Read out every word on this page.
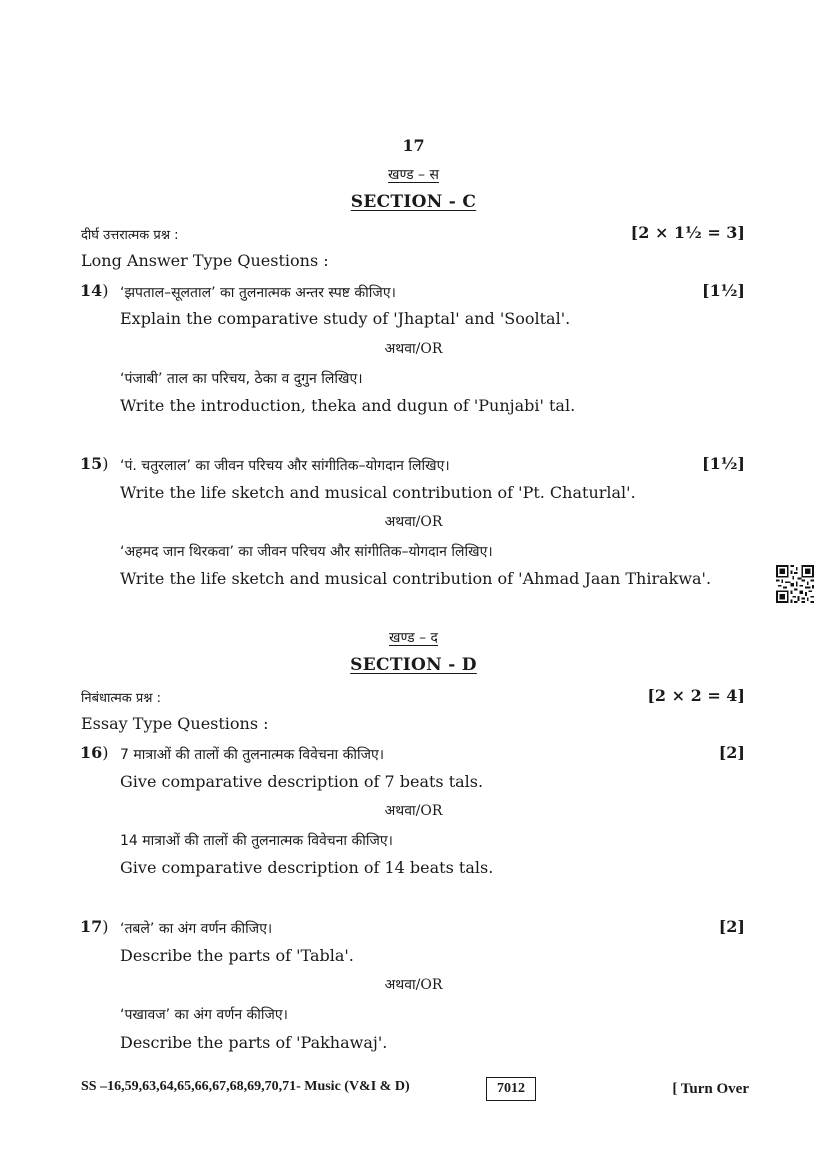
17
खण्ड – स
SECTION - C
दीर्घ उत्तरात्मक प्रश्न :	[2 × 1½ = 3]
Long Answer Type Questions :
14) ‘झपताल–सूलताल’ का तुलनात्मक अन्तर स्पष्ट कीजिए।	[1½]
Explain the comparative study of 'Jhaptal' and 'Sooltal'.
अथवा/OR
‘पंजाबी’ ताल का परिचय, ठेका व दुगुन लिखिए।
Write the introduction, theka and dugun of 'Punjabi' tal.
15) ‘पं. चतुरलाल’ का जीवन परिचय और सांगीतिक–योगदान लिखिए।	[1½]
Write the life sketch and musical contribution of 'Pt. Chaturlal'.
अथवा/OR
‘अहमद जान थिरकवा’ का जीवन परिचय और सांगीतिक–योगदान लिखिए।
Write the life sketch and musical contribution of 'Ahmad Jaan Thirakwa'.
खण्ड – द
SECTION - D
निबंधात्मक प्रश्न :	[2 × 2 = 4]
Essay Type Questions :
16) 7 मात्राओं की तालों की तुलनात्मक विवेचना कीजिए।	[2]
Give comparative description of 7 beats tals.
अथवा/OR
14 मात्राओं की तालों की तुलनात्मक विवेचना कीजिए।
Give comparative description of 14 beats tals.
17) ‘तबले’ का अंग वर्णन कीजिए।	[2]
Describe the parts of 'Tabla'.
अथवा/OR
‘पखावज’ का अंग वर्णन कीजिए।
Describe the parts of 'Pakhawaj'.
SS –16,59,63,64,65,66,67,68,69,70,71- Music (V&I & D)	7012	[ Turn Over
